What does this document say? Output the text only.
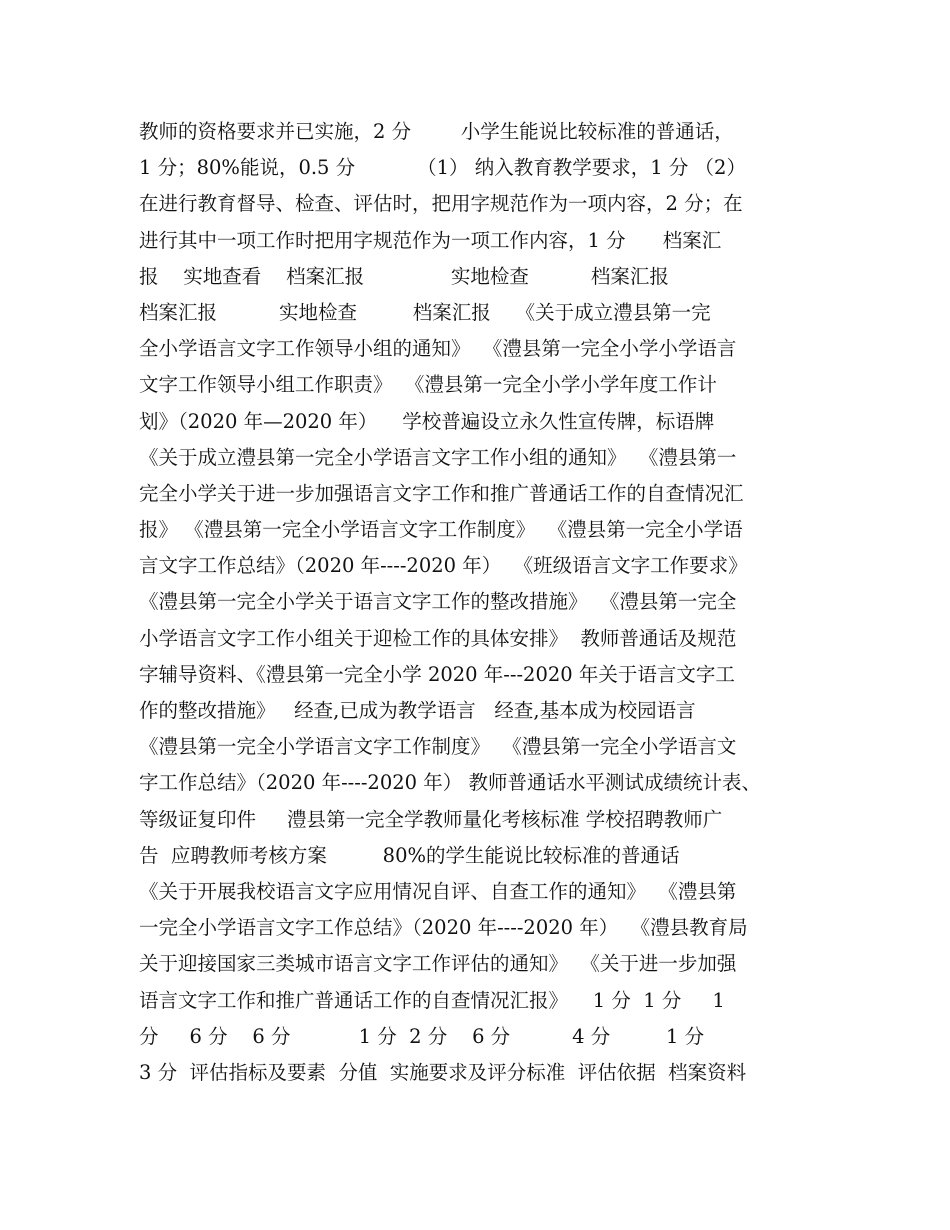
教师的资格要求并已实施，2 分        小学生能说比较标准的普通话，
1 分；80%能说，0.5 分          （1） 纳入教育教学要求，1 分 （2）
在进行教育督导、检查、评估时，把用字规范作为一项内容，2 分；在
进行其中一项工作时把用字规范作为一项工作内容，1 分      档案汇
报    实地查看    档案汇报              实地检查          档案汇报
档案汇报          实地检查         档案汇报    《关于成立澧县第一完
全小学语言文字工作领导小组的通知》  《澧县第一完全小学小学语言
文字工作领导小组工作职责》  《澧县第一完全小学小学年度工作计
划》（2020 年—2020 年）    学校普遍设立永久性宣传牌，标语牌
《关于成立澧县第一完全小学语言文字工作小组的通知》  《澧县第一
完全小学关于进一步加强语言文字工作和推广普通话工作的自查情况汇
报》 《澧县第一完全小学语言文字工作制度》  《澧县第一完全小学语
言文字工作总结》（2020 年----2020 年）  《班级语言文字工作要求》
《澧县第一完全小学关于语言文字工作的整改措施》  《澧县第一完全
小学语言文字工作小组关于迎检工作的具体安排》  教师普通话及规范
字辅导资料、《澧县第一完全小学 2020 年---2020 年关于语言文字工
作的整改措施》   经查,已成为教学语言   经查,基本成为校园语言
《澧县第一完全小学语言文字工作制度》  《澧县第一完全小学语言文
字工作总结》（2020 年----2020 年） 教师普通话水平测试成绩统计表、
等级证复印件     澧县第一完全学教师量化考核标准 学校招聘教师广
告  应聘教师考核方案         80%的学生能说比较标准的普通话
《关于开展我校语言文字应用情况自评、自查工作的通知》  《澧县第
一完全小学语言文字工作总结》（2020 年----2020 年）  《澧县教育局
关于迎接国家三类城市语言文字工作评估的通知》  《关于进一步加强
语言文字工作和推广普通话工作的自查情况汇报》    1 分  1 分     1
分     6 分    6 分           1 分  2 分    6 分          4 分         1 分
3 分  评估指标及要素  分值  实施要求及评分标准  评估依据  档案资料
